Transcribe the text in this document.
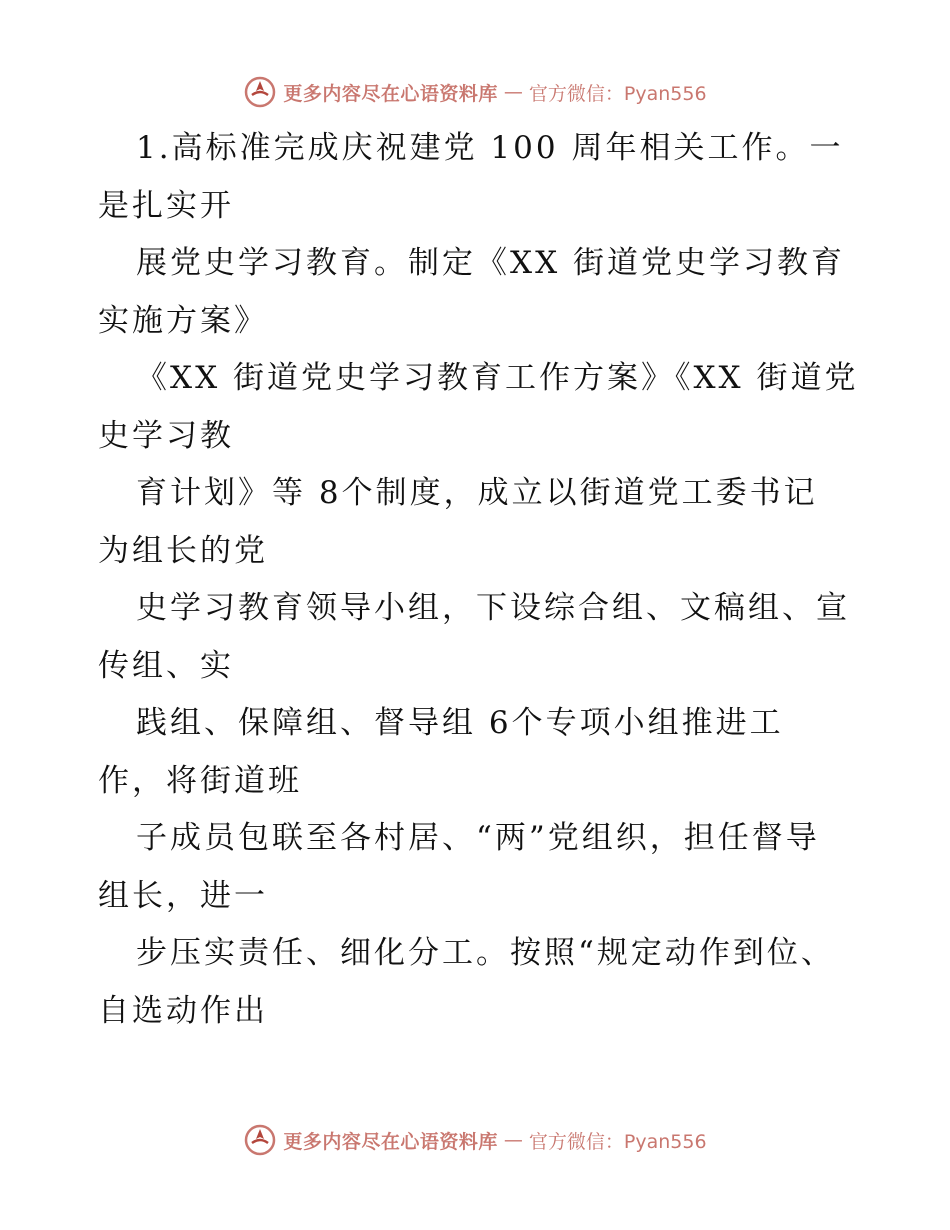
更多内容尽在心语资料库 — 官方微信：Pyan556
1.高标准完成庆祝建党 100 周年相关工作。一
是扎实开
展党史学习教育。制定《XX 街道党史学习教育
实施方案》
《XX 街道党史学习教育工作方案》《XX 街道党
史学习教
育计划》等 8个制度，成立以街道党工委书记
为组长的党
史学习教育领导小组，下设综合组、文稿组、宣
传组、实
践组、保障组、督导组 6个专项小组推进工
作，将街道班
子成员包联至各村居、“两”党组织，担任督导
组长，进一
步压实责任、细化分工。按照“规定动作到位、
自选动作出
更多内容尽在心语资料库 — 官方微信：Pyan556
